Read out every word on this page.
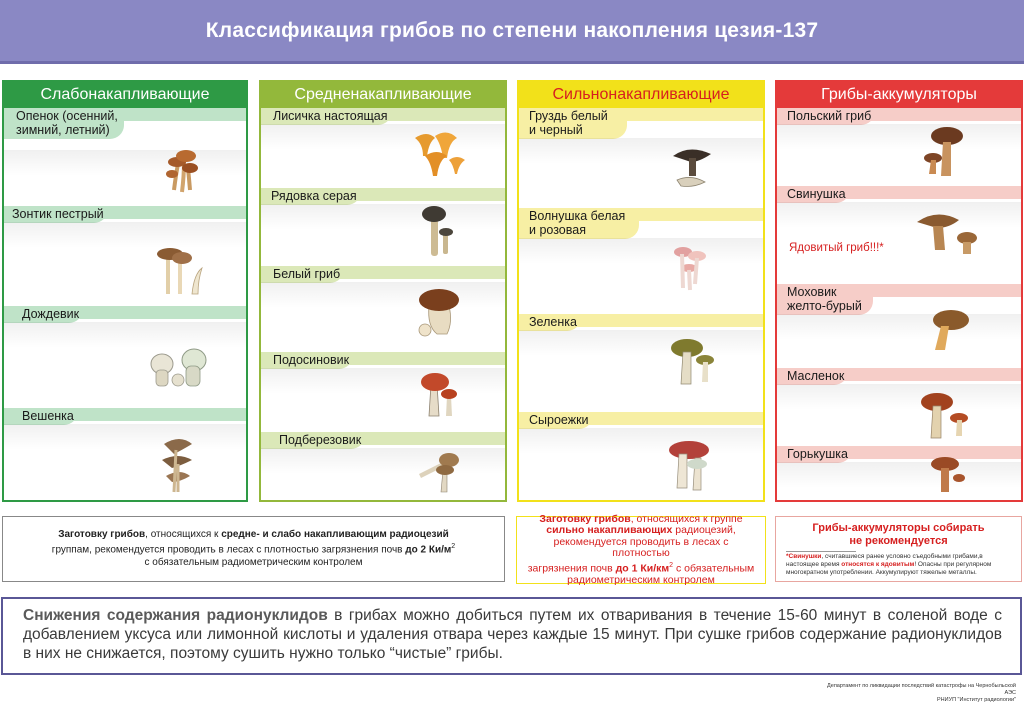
Классификация грибов по степени накопления цезия-137
Слабонакапливающие
Опенок (осенний,
зимний, летний)
Зонтик пестрый
Дождевик
Вешенка
Средненакапливающие
Лисичка настоящая
Рядовка серая
Белый гриб
Подосиновик
Подберезовик
Сильнонакапливающие
Груздь белый
и черный
Волнушка белая
и розовая
Зеленка
Сыроежки
Грибы-аккумуляторы
Польский гриб
Свинушка
Ядовитый гриб!!!*
Моховик
желто-бурый
Масленок
Горькушка
Заготовку грибов, относящихся к средне- и слабо накапливающим радиоцезий
группам, рекомендуется проводить в лесах с плотностью загрязнения почв до 2 $Ки/м^2$
с обязательным радиометрическим контролем
Заготовку грибов, относящихся к группе
сильно накапливающих радиоцезий,
рекомендуется проводить в лесах с плотностью
загрязнения почв до 1 $Ки/км^2$ с обязательным
радиометрическим контролем
Грибы-аккумуляторы собирать
не рекомендуется
*Свинушки, считавшиеся ранее условно съедобными грибами,в настоящее время относятся к ядовитым! Опасны при регулярном многократном употреблении. Аккумулируют тяжелые металлы.
Снижения содержания радионуклидов в грибах можно добиться путем их отваривания в течение 15-60 минут в соленой воде с добавлением уксуса или лимонной кислоты и удаления отвара через каждые 15 минут. При сушке грибов содержание радионуклидов в них не снижается, поэтому сушить нужно только “чистые” грибы.
Департамент по ликвидации последствий катастрофы на Чернобыльской АЭС
РНИУП "Институт радиологии"
